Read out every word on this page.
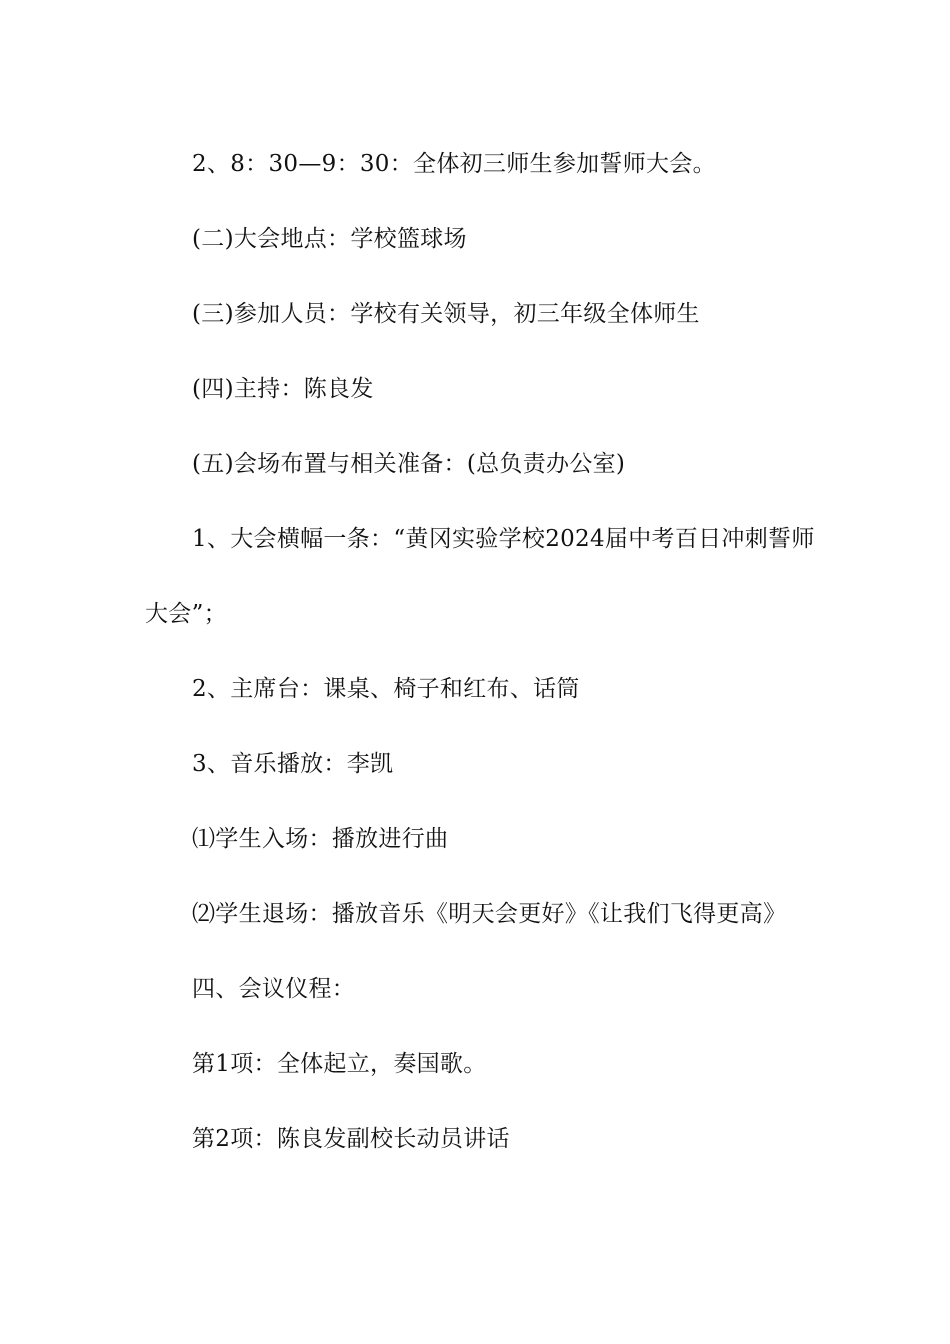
2、8：30—9：30：全体初三师生参加誓师大会。

(二)大会地点：学校篮球场

(三)参加人员：学校有关领导，初三年级全体师生

(四)主持：陈良发

(五)会场布置与相关准备：(总负责办公室)

1、大会横幅一条：“黄冈实验学校2024届中考百日冲刺誓师大会”；

2、主席台：课桌、椅子和红布、话筒

3、音乐播放：李凯

⑴学生入场：播放进行曲

⑵学生退场：播放音乐《明天会更好》《让我们飞得更高》

四、会议仪程：

第1项：全体起立，奏国歌。

第2项：陈良发副校长动员讲话
